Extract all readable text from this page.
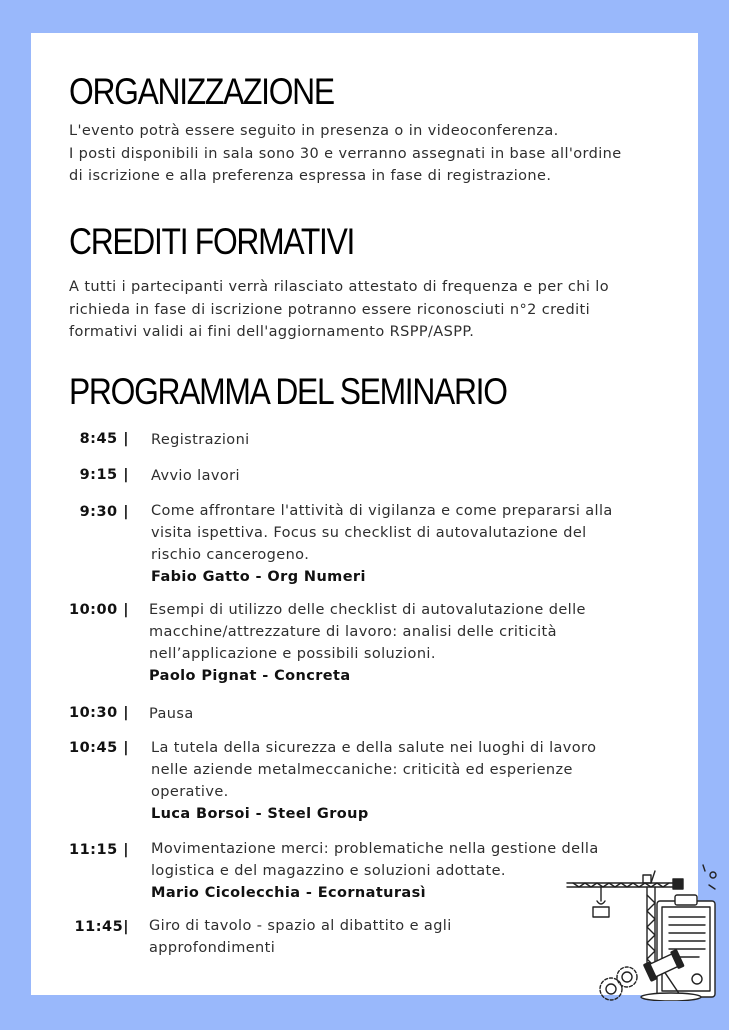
ORGANIZZAZIONE

L'evento potrà essere seguito in presenza o in videoconferenza.
I posti disponibili in sala sono 30 e verranno assegnati in base all'ordine
di iscrizione e alla preferenza espressa in fase di registrazione.

CREDITI FORMATIVI

A tutti i partecipanti verrà rilasciato attestato di frequenza e per chi lo
richieda in fase di iscrizione potranno essere riconosciuti n°2 crediti
formativi validi ai fini dell'aggiornamento RSPP/ASPP.

PROGRAMMA DEL SEMINARIO
8:45 | Registrazioni
9:15 | Avvio lavori
9:30 | Come affrontare l'attività di vigilanza e come prepararsi alla
visita ispettiva. Focus su checklist di autovalutazione del
rischio cancerogeno.
Fabio Gatto - Org Numeri
10:00 | Esempi di utilizzo delle checklist di autovalutazione delle
macchine/attrezzature di lavoro: analisi delle criticità
nell’applicazione e possibili soluzioni.
Paolo Pignat - Concreta
10:30 | Pausa
10:45 | La tutela della sicurezza e della salute nei luoghi di lavoro
nelle aziende metalmeccaniche: criticità ed esperienze
operative.
Luca Borsoi - Steel Group
11:15 | Movimentazione merci: problematiche nella gestione della
logistica e del magazzino e soluzioni adottate.
Mario Cicolecchia - Ecornaturasì
11:45| Giro di tavolo - spazio al dibattito e agli
approfondimenti
